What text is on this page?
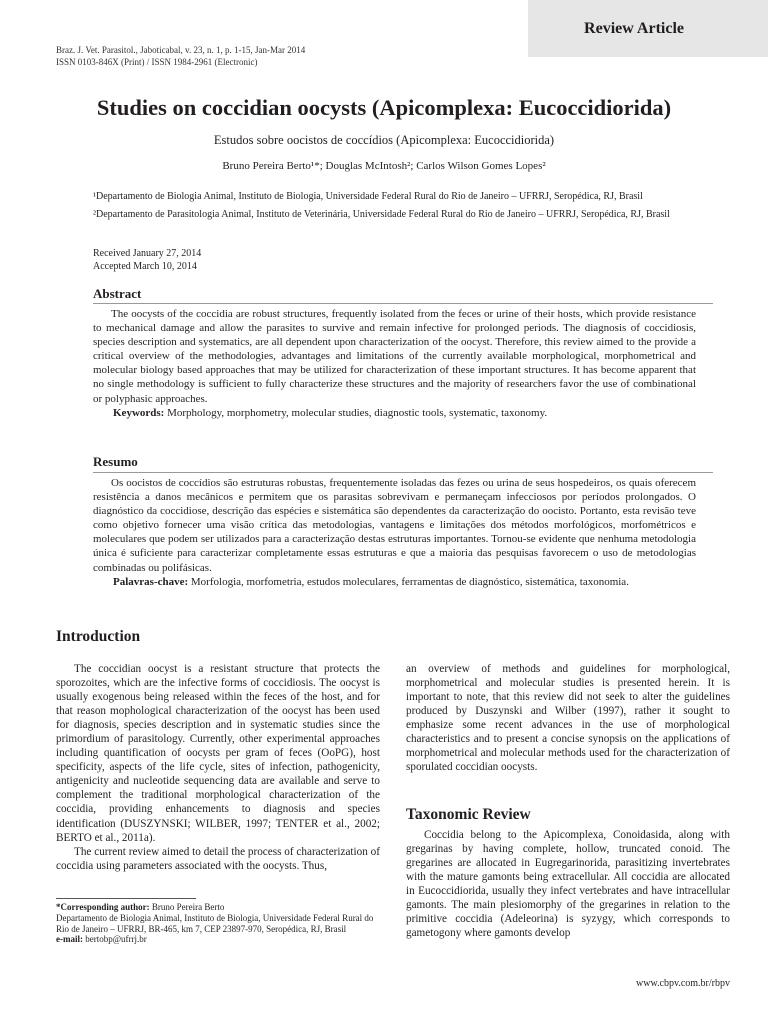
Review Article
Braz. J. Vet. Parasitol., Jaboticabal, v. 23, n. 1, p. 1-15, Jan-Mar 2014
ISSN 0103-846X (Print) / ISSN 1984-2961 (Electronic)
Studies on coccidian oocysts (Apicomplexa: Eucoccidiorida)
Estudos sobre oocistos de coccídios (Apicomplexa: Eucoccidiorida)
Bruno Pereira Berto¹*; Douglas McIntosh²; Carlos Wilson Gomes Lopes²
¹Departamento de Biologia Animal, Instituto de Biologia, Universidade Federal Rural do Rio de Janeiro – UFRRJ, Seropédica, RJ, Brasil
²Departamento de Parasitologia Animal, Instituto de Veterinária, Universidade Federal Rural do Rio de Janeiro – UFRRJ, Seropédica, RJ, Brasil
Received January 27, 2014
Accepted March 10, 2014
Abstract

The oocysts of the coccidia are robust structures, frequently isolated from the feces or urine of their hosts, which provide resistance to mechanical damage and allow the parasites to survive and remain infective for prolonged periods. The diagnosis of coccidiosis, species description and systematics, are all dependent upon characterization of the oocyst. Therefore, this review aimed to the provide a critical overview of the methodologies, advantages and limitations of the currently available morphological, morphometrical and molecular biology based approaches that may be utilized for characterization of these important structures. It has become apparent that no single methodology is sufficient to fully characterize these structures and the majority of researchers favor the use of combinational or polyphasic approaches.

Keywords: Morphology, morphometry, molecular studies, diagnostic tools, systematic, taxonomy.

Resumo

Os oocistos de coccídios são estruturas robustas, frequentemente isoladas das fezes ou urina de seus hospedeiros, os quais oferecem resistência a danos mecânicos e permitem que os parasitas sobrevivam e permaneçam infecciosos por períodos prolongados. O diagnóstico da coccidiose, descrição das espécies e sistemática são dependentes da caracterização do oocisto. Portanto, esta revisão teve como objetivo fornecer uma visão crítica das metodologias, vantagens e limitações dos métodos morfológicos, morfométricos e moleculares que podem ser utilizados para a caracterização destas estruturas importantes. Tornou-se evidente que nenhuma metodologia única é suficiente para caracterizar completamente essas estruturas e que a maioria das pesquisas favorecem o uso de metodologias combinadas ou polifásicas.

Palavras-chave: Morfologia, morfometria, estudos moleculares, ferramentas de diagnóstico, sistemática, taxonomia.

Introduction

The coccidian oocyst is a resistant structure that protects the sporozoites, which are the infective forms of coccidiosis. The oocyst is usually exogenous being released within the feces of the host, and for that reason mophological characterization of the oocyst has been used for diagnosis, species description and in systematic studies since the primordium of parasitology. Currently, other experimental approaches including quantification of oocysts per gram of feces (OoPG), host specificity, aspects of the life cycle, sites of infection, pathogenicity, antigenicity and nucleotide sequencing data are available and serve to complement the traditional morphological characterization of the coccidia, providing enhancements to diagnosis and species identification (DUSZYNSKI; WILBER, 1997; TENTER et al., 2002; BERTO et al., 2011a).

The current review aimed to detail the process of characterization of coccidia using parameters associated with the oocysts. Thus,

an overview of methods and guidelines for morphological, morphometrical and molecular studies is presented herein. It is important to note, that this review did not seek to alter the guidelines produced by Duszynski and Wilber (1997), rather it sought to emphasize some recent advances in the use of morphological characteristics and to present a concise synopsis on the applications of morphometrical and molecular methods used for the characterization of sporulated coccidian oocysts.

Taxonomic Review

Coccidia belong to the Apicomplexa, Conoidasida, along with gregarinas by having complete, hollow, truncated conoid. The gregarines are allocated in Eugregarinorida, parasitizing invertebrates with the mature gamonts being extracellular. All coccidia are allocated in Eucoccidiorida, usually they infect vertebrates and have intracellular gamonts. The main plesiomorphy of the gregarines in relation to the primitive coccidia (Adeleorina) is syzygy, which corresponds to gametogony where gamonts develop

*Corresponding author: Bruno Pereira Berto
Departamento de Biologia Animal, Instituto de Biologia, Universidade Federal Rural do Rio de Janeiro – UFRRJ, BR-465, km 7, CEP 23897-970, Seropédica, RJ, Brasil
e-mail: bertobp@ufrrj.br
www.cbpv.com.br/rbpv
